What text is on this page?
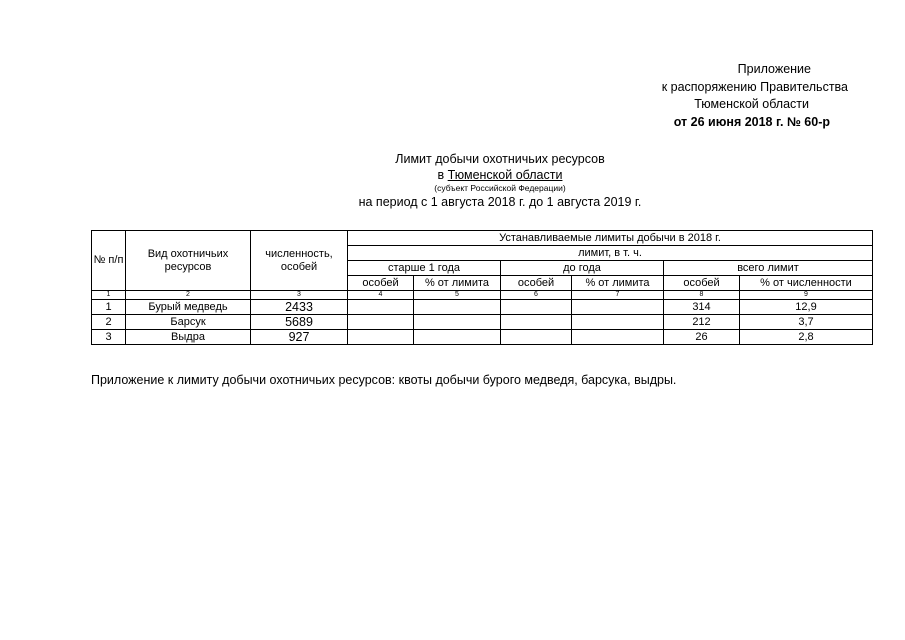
Приложение
к распоряжению Правительства
Тюменской области
от 26 июня 2018 г. № 60-р
Лимит добычи охотничьих ресурсов
в Тюменской области
(субъект Российской Федерации)
на период с 1 августа 2018 г. до 1 августа 2019 г.
№ п/п	Вид охотничьих ресурсов	численность, особей	Устанавливаемые лимиты добычи в 2018 г.					
			лимит, в т. ч.					
			старше 1 года		до года		всего лимит	
			особей	% от лимита	особей	% от лимита	особей	% от численности
1	2	3	4	5	6	7	8	9
1	Бурый медведь	2433					314	12,9
2	Барсук	5689					212	3,7
3	Выдра	927					26	2,8
Приложение к лимиту добычи охотничьих ресурсов: квоты добычи бурого медведя, барсука, выдры.
